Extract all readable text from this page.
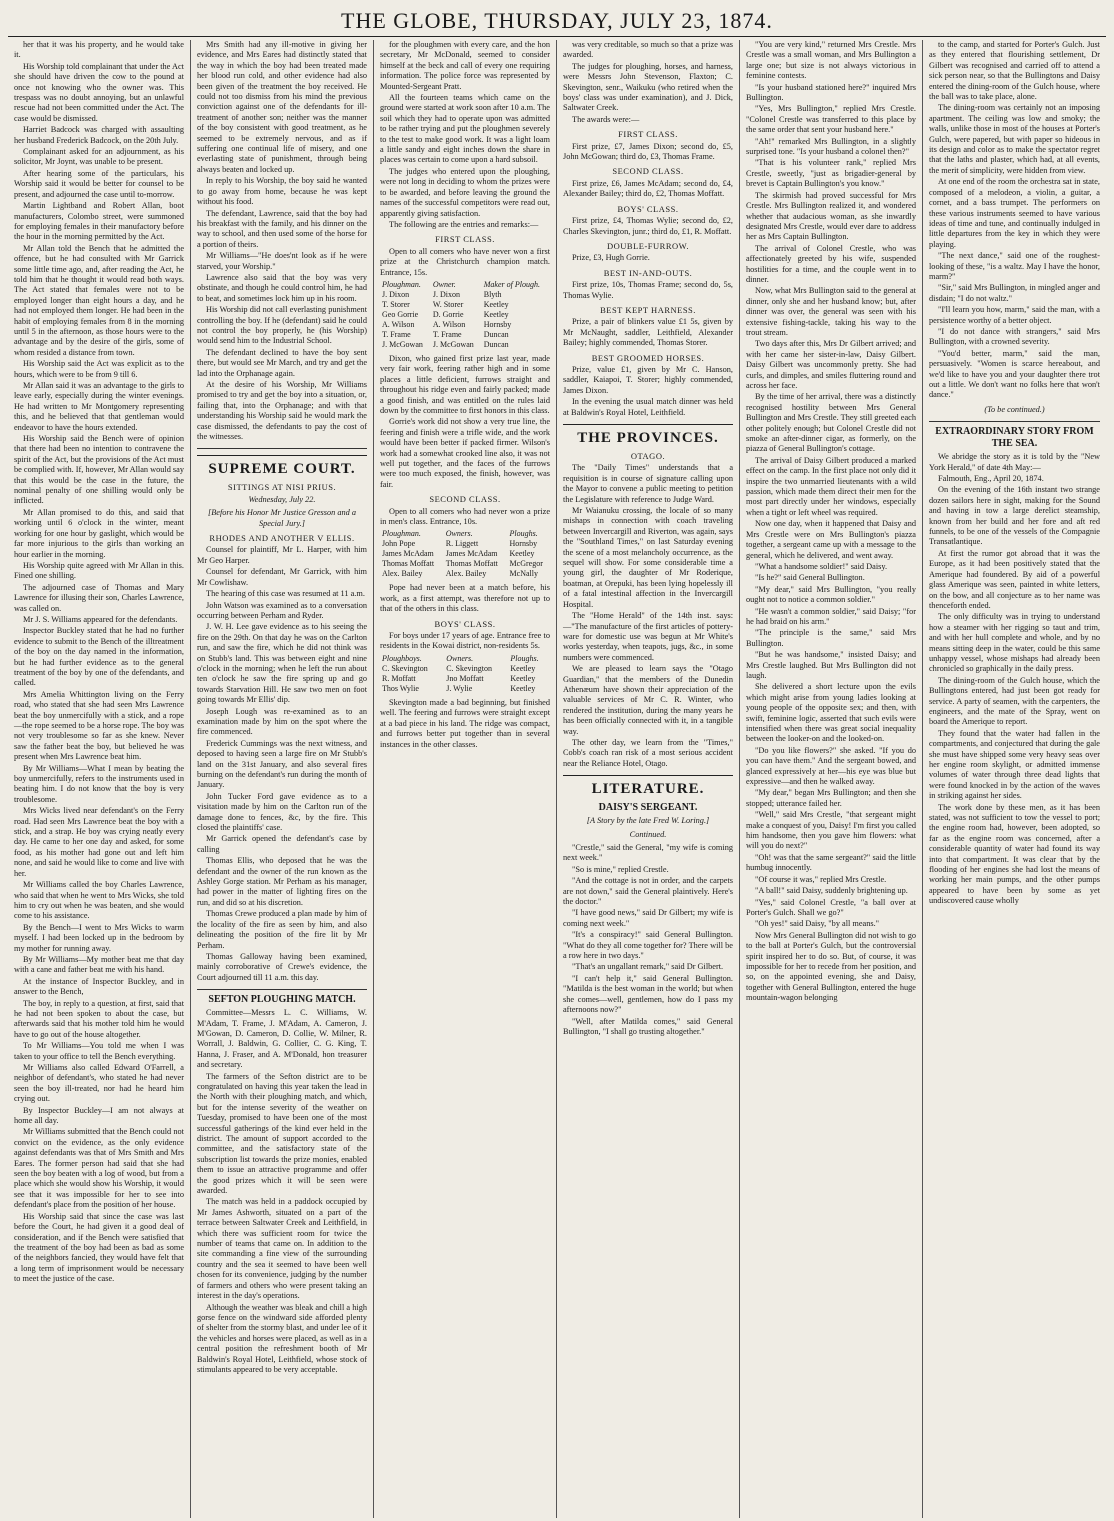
THE GLOBE, THURSDAY, JULY 23, 1874.

her that it was his property, and he would take it.

His Worship told complainant that under the Act she should have driven the cow to the pound at once not knowing who the owner was. This trespass was no doubt annoying, but an unlawful rescue had not been committed under the Act. The case would be dismissed.

Harriet Badcock was charged with assaulting her husband Frederick Badcock, on the 20th July.

Complainant asked for an adjournment, as his solicitor, Mr Joynt, was unable to be present.

After hearing some of the particulars, his Worship said it would be better for counsel to be present, and adjourned the case until to-morrow.

Martin Lightband and Robert Allan, boot manufacturers, Colombo street, were summoned for employing females in their manufactory before the hour in the morning permitted by the Act.

Mr Allan told the Bench that he admitted the offence, but he had consulted with Mr Garrick some little time ago, and, after reading the Act, he told him that he thought it would read both ways. The Act stated that females were not to be employed longer than eight hours a day, and he had not employed them longer. He had been in the habit of employing females from 8 in the morning until 5 in the afternoon, as those hours were to the advantage and by the desire of the girls, some of whom resided a distance from town.

His Worship said the Act was explicit as to the hours, which were to be from 9 till 6.

Mr Allan said it was an advantage to the girls to leave early, especially during the winter evenings. He had written to Mr Montgomery representing this, and he believed that that gentleman would endeavor to have the hours extended.

His Worship said the Bench were of opinion that there had been no intention to contravene the spirit of the Act, but the provisions of the Act must be complied with. If, however, Mr Allan would say that this would be the case in the future, the nominal penalty of one shilling would only be inflicted.

Mr Allan promised to do this, and said that working until 6 o'clock in the winter, meant working for one hour by gaslight, which would be far more injurious to the girls than working an hour earlier in the morning.

His Worship quite agreed with Mr Allan in this. Fined one shilling.

The adjourned case of Thomas and Mary Lawrence for illusing their son, Charles Lawrence, was called on.

Mr J. S. Williams appeared for the defendants.

Inspector Buckley stated that he had no further evidence to submit to the Bench of the illtreatment of the boy on the day named in the information, but he had further evidence as to the general treatment of the boy by one of the defendants, and called.

Mrs Amelia Whittington living on the Ferry road, who stated that she had seen Mrs Lawrence beat the boy unmercifully with a stick, and a rope—the rope seemed to be a horse rope. The boy was not very troublesome so far as she knew. Never saw the father beat the boy, but believed he was present when Mrs Lawrence beat him.

By Mr Williams—What I mean by beating the boy unmercifully, refers to the instruments used in beating him. I do not know that the boy is very troublesome.

Mrs Wicks lived near defendant's on the Ferry road. Had seen Mrs Lawrence beat the boy with a stick, and a strap. He boy was crying neatly every day. He came to her one day and asked, for some food, as his mother had gone out and left him none, and said he would like to come and live with her.

Mr Williams called the boy Charles Lawrence, who said that when he went to Mrs Wicks, she told him to cry out when he was beaten, and she would come to his assistance.

By the Bench—I went to Mrs Wicks to warm myself. I had been locked up in the bedroom by my mother for running away.

By Mr Williams—My mother beat me that day with a cane and father beat me with his hand.

At the instance of Inspector Buckley, and in answer to the Bench,

The boy, in reply to a question, at first, said that he had not been spoken to about the case, but afterwards said that his mother told him he would have to go out of the house altogether.

To Mr Williams—You told me when I was taken to your office to tell the Bench everything.

Mr Williams also called Edward O'Farrell, a neighbor of defendant's, who stated he had never seen the boy ill-treated, nor had he heard him crying out.

By Inspector Buckley—I am not always at home all day.

Mr Williams submitted that the Bench could not convict on the evidence, as the only evidence against defendants was that of Mrs Smith and Mrs Eares. The former person had said that she had seen the boy beaten with a log of wood, but from a place which she would show his Worship, it would see that it was impossible for her to see into defendant's place from the position of her house.

His Worship said that since the case was last before the Court, he had given it a good deal of consideration, and if the Bench were satisfied that the treatment of the boy had been as bad as some of the neighbors fancied, they would have felt that a long term of imprisonment would be necessary to meet the justice of the case.

Mrs Smith had any ill-motive in giving her evidence, and Mrs Eares had distinctly stated that the way in which the boy had been treated made her blood run cold, and other evidence had also been given of the treatment the boy received. He could not too dismiss from his mind the previous conviction against one of the defendants for ill-treatment of another son; neither was the manner of the boy consistent with good treatment, as he seemed to be extremely nervous, and as if suffering one continual life of misery, and one everlasting state of punishment, through being always beaten and locked up.

In reply to his Worship, the boy said he wanted to go away from home, because he was kept without his food.

The defendant, Lawrence, said that the boy had his breakfast with the family, and his dinner on the way to school, and then used some of the horse for a portion of theirs.

Mr Williams—"He does'nt look as if he were starved, your Worship."

Lawrence also said that the boy was very obstinate, and though he could control him, he had to beat, and sometimes lock him up in his room.

His Worship did not call everlasting punishment controlling the boy. If he (defendant) said he could not control the boy properly, he (his Worship) would send him to the Industrial School.

The defendant declined to have the boy sent there, but would see Mr March, and try and get the lad into the Orphanage again.

At the desire of his Worship, Mr Williams promised to try and get the boy into a situation, or, failing that, into the Orphanage; and with that understanding his Worship said he would mark the case dismissed, the defendants to pay the cost of the witnesses.

SUPREME COURT.
SITTINGS AT NISI PRIUS.
Wednesday, July 22.
[Before his Honor Mr Justice Gresson and a Special Jury.]
RHODES AND ANOTHER V ELLIS.

Counsel for plaintiff, Mr L. Harper, with him Mr Geo Harper.

Counsel for defendant, Mr Garrick, with him Mr Cowlishaw.

The hearing of this case was resumed at 11 a.m.

John Watson was examined as to a conversation occurring between Perham and Ryder.

J. W. H. Lee gave evidence as to his seeing the fire on the 29th. On that day he was on the Carlton run, and saw the fire, which he did not think was on Stubb's land. This was between eight and nine o'clock in the morning; when he left the run about ten o'clock he saw the fire spring up and go towards Starvation Hill. He saw two men on foot going towards Mr Ellis' dip.

Joseph Lough was re-examined as to an examination made by him on the spot where the fire commenced.

Frederick Cummings was the next witness, and deposed to having seen a large fire on Mr Stubb's land on the 31st January, and also several fires burning on the defendant's run during the month of January.

John Tucker Ford gave evidence as to a visitation made by him on the Carlton run of the damage done to fences, &c, by the fire. This closed the plaintiffs' case.

Mr Garrick opened the defendant's case by calling

Thomas Ellis, who deposed that he was the defendant and the owner of the run known as the Ashley Gorge station. Mr Perham as his manager, had power in the matter of lighting fires on the run, and did so at his discretion.

Thomas Crewe produced a plan made by him of the locality of the fire as seen by him, and also delineating the position of the fire lit by Mr Perham.

Thomas Galloway having been examined, mainly corroborative of Crewe's evidence, the Court adjourned till 11 a.m. this day.

SEFTON PLOUGHING MATCH.

Committee—Messrs L. C. Williams, W. M'Adam, T. Frame, J. M'Adam, A. Cameron, J. M'Gowan, D. Cameron, D. Collie, W. Milner, R. Worrall, J. Baldwin, G. Collier, C. G. King, T. Hanna, J. Fraser, and A. M'Donald, hon treasurer and secretary.

The farmers of the Sefton district are to be congratulated on having this year taken the lead in the North with their ploughing match, and which, but for the intense severity of the weather on Tuesday, promised to have been one of the most successful gatherings of the kind ever held in the district. The amount of support accorded to the committee, and the satisfactory state of the subscription list towards the prize monies, enabled them to issue an attractive programme and offer the good prizes which it will be seen were awarded.

The match was held in a paddock occupied by Mr James Ashworth, situated on a part of the terrace between Saltwater Creek and Leithfield, in which there was sufficient room for twice the number of teams that came on. In addition to the site commanding a fine view of the surrounding country and the sea it seemed to have been well chosen for its convenience, judging by the number of farmers and others who were present taking an interest in the day's operations.

Although the weather was bleak and chill a high gorse fence on the windward side afforded plenty of shelter from the stormy blast, and under lee of it the vehicles and horses were placed, as well as in a central position the refreshment booth of Mr Baldwin's Royal Hotel, Leithfield, whose stock of stimulants appeared to be very acceptable.

for the ploughmen with every care, and the hon secretary, Mr McDonald, seemed to consider himself at the beck and call of every one requiring information. The police force was represented by Mounted-Sergeant Pratt.

All the fourteen teams which came on the ground were started at work soon after 10 a.m. The soil which they had to operate upon was admitted to be rather trying and put the ploughmen severely to the test to make good work. It was a light loam a little sandy and eight inches down the share in places was certain to come upon a hard subsoil.

The judges who entered upon the ploughing, were not long in deciding to whom the prizes were to be awarded, and before leaving the ground the names of the successful competitors were read out, apparently giving satisfaction.

The following are the entries and remarks:—

FIRST CLASS.

Open to all comers who have never won a first prize at the Christchurch champion match. Entrance, 15s.

Ploughman.	Owner.	Maker of Plough.
J. Dixon	J. Dixon	Blyth
T. Storer	W. Storer	Keetley
Geo Gorrie	D. Gorrie	Keetley
A. Wilson	A. Wilson	Hornsby
T. Frame	T. Frame	Duncan
J. McGowan	J. McGowan	Duncan

Dixon, who gained first prize last year, made very fair work, feering rather high and in some places a little deficient, furrows straight and throughout his ridge even and fairly packed; made a good finish, and was entitled on the rules laid down by the committee to first honors in this class.

Gorrie's work did not show a very true line, the feering and finish were a trifle wide, and the work would have been better if packed firmer. Wilson's work had a somewhat crooked line also, it was not well put together, and the faces of the furrows were too much exposed, the finish, however, was fair.

SECOND CLASS.

Open to all comers who had never won a prize in men's class. Entrance, 10s.

Ploughman.	Owners.	Ploughs.
John Pope	R. Liggett	Hornsby
James McAdam	James McAdam	Keetley
Thomas Moffatt	Thomas Moffatt	McGregor
Alex. Bailey	Alex. Bailey	McNally

Pope had never been at a match before, his work, as a first attempt, was therefore not up to that of the others in this class.

BOYS' CLASS.

For boys under 17 years of age. Entrance free to residents in the Kowai district, non-residents 5s.

Ploughboys.	Owners.	Ploughs.
C. Skevington	C. Skevington	Keetley
R. Moffatt	Jno Moffatt	Keetley
Thos Wylie	J. Wylie	Keetley

Skevington made a bad beginning, but finished well. The feering and furrows were straight except at a bad piece in his land. The ridge was compact, and furrows better put together than in several instances in the other classes.

was very creditable, so much so that a prize was awarded.

The judges for ploughing, horses, and harness, were Messrs John Stevenson, Flaxton; C. Skevington, senr., Waikuku (who retired when the boys' class was under examination), and J. Dick, Saltwater Creek.

The awards were:—

FIRST CLASS.

First prize, £7, James Dixon; second do, £5, John McGowan; third do, £3, Thomas Frame.

SECOND CLASS.

First prize, £6, James McAdam; second do, £4, Alexander Bailey; third do, £2, Thomas Moffatt.

BOYS' CLASS.

First prize, £4, Thomas Wylie; second do, £2, Charles Skevington, junr.; third do, £1, R. Moffatt.

DOUBLE-FURROW.

Prize, £3, Hugh Gorrie.

BEST IN-AND-OUTS.

First prize, 10s, Thomas Frame; second do, 5s, Thomas Wylie.

BEST KEPT HARNESS.

Prize, a pair of blinkers value £1 5s, given by Mr McNaught, saddler, Leithfield, Alexander Bailey; highly commended, Thomas Storer.

BEST GROOMED HORSES.

Prize, value £1, given by Mr C. Hanson, saddler, Kaiapoi, T. Storer; highly commended, James Dixon.

In the evening the usual match dinner was held at Baldwin's Royal Hotel, Leithfield.

THE PROVINCES.
OTAGO.

The "Daily Times" understands that a requisition is in course of signature calling upon the Mayor to convene a public meeting to petition the Legislature with reference to Judge Ward.

Mr Waianuku crossing, the locale of so many mishaps in connection with coach traveling between Invercargill and Riverton, was again, says the "Southland Times," on last Saturday evening the scene of a most melancholy occurrence, as the sequel will show. For some considerable time a young girl, the daughter of Mr Roderique, boatman, at Orepuki, has been lying hopelessly ill of a fatal intestinal affection in the Invercargill Hospital.

The "Home Herald" of the 14th inst. says:—"The manufacture of the first articles of pottery-ware for domestic use was begun at Mr White's works yesterday, when teapots, jugs, &c., in some numbers were commenced.

We are pleased to learn says the "Otago Guardian," that the members of the Dunedin Athenæum have shown their appreciation of the valuable services of Mr C. R. Winter, who rendered the institution, during the many years he has been officially connected with it, in a tangible way.

The other day, we learn from the "Times," Cobb's coach ran risk of a most serious accident near the Reliance Hotel, Otago.

LITERATURE.
DAISY'S SERGEANT.
[A Story by the late Fred W. Loring.]
Continued.

"Crestle," said the General, "my wife is coming next week."

"So is mine," replied Crestle.

"And the cottage is not in order, and the carpets are not down," said the General plaintively. Here's the doctor."

"I have good news," said Dr Gilbert; my wife is coming next week."

"It's a conspiracy!" said General Bullington. "What do they all come together for? There will be a row here in two days."

"That's an ungallant remark," said Dr Gilbert.

"I can't help it," said General Bullington. "Matilda is the best woman in the world; but when she comes—well, gentlemen, how do I pass my afternoons now?"

"Well, after Matilda comes," said General Bullington, "I shall go trusting altogether."

"You are very kind," returned Mrs Crestle. Mrs Crestle was a small woman, and Mrs Bullington a large one; but size is not always victorious in feminine contests.

"Is your husband stationed here?" inquired Mrs Bullington.

"Yes, Mrs Bullington," replied Mrs Crestle. "Colonel Crestle was transferred to this place by the same order that sent your husband here."

"Ah!" remarked Mrs Bullington, in a slightly surprised tone. "Is your husband a colonel then?"

"That is his volunteer rank," replied Mrs Crestle, sweetly, "just as brigadier-general by brevet is Captain Bullington's you know."

The skirmish had proved successful for Mrs Crestle. Mrs Bullington realized it, and wondered whether that audacious woman, as she inwardly designated Mrs Crestle, would ever dare to address her as Mrs Captain Bullington.

The arrival of Colonel Crestle, who was affectionately greeted by his wife, suspended hostilities for a time, and the couple went in to dinner.

Now, what Mrs Bullington said to the general at dinner, only she and her husband know; but, after dinner was over, the general was seen with his extensive fishing-tackle, taking his way to the trout stream.

Two days after this, Mrs Dr Gilbert arrived; and with her came her sister-in-law, Daisy Gilbert. Daisy Gilbert was uncommonly pretty. She had curls, and dimples, and smiles fluttering round and across her face.

By the time of her arrival, there was a distinctly recognised hostility between Mrs General Bullington and Mrs Crestle. They still greeted each other politely enough; but Colonel Crestle did not smoke an after-dinner cigar, as formerly, on the piazza of General Bullington's cottage.

The arrival of Daisy Gilbert produced a marked effect on the camp. In the first place not only did it inspire the two unmarried lieutenants with a wild passion, which made them direct their men for the most part directly under her windows, especially when a tight or left wheel was required.

Now one day, when it happened that Daisy and Mrs Crestle were on Mrs Bullington's piazza together, a sergeant came up with a message to the general, which he delivered, and went away.

"What a handsome soldier!" said Daisy.

"Is he?" said General Bullington.

"My dear," said Mrs Bullington, "you really ought not to notice a common soldier."

"He wasn't a common soldier," said Daisy; "for he had braid on his arm."

"The principle is the same," said Mrs Bullington.

"But he was handsome," insisted Daisy; and Mrs Crestle laughed. But Mrs Bullington did not laugh.

She delivered a short lecture upon the evils which might arise from young ladies looking at young people of the opposite sex; and then, with swift, feminine logic, asserted that such evils were intensified when there was great social inequality between the looker-on and the looked-on.

"Do you like flowers?" she asked. "If you do you can have them." And the sergeant bowed, and glanced expressively at her—his eye was blue but expressive—and then he walked away.

"My dear," began Mrs Bullington; and then she stopped; utterance failed her.

"Well," said Mrs Crestle, "that sergeant might make a conquest of you, Daisy! I'm first you called him handsome, then you gave him flowers: what will you do next?"

"Oh! was that the same sergeant?" said the little humbug innocently.

"Of course it was," replied Mrs Crestle.

"A ball!" said Daisy, suddenly brightening up.

"Yes," said Colonel Crestle, "a ball over at Porter's Gulch. Shall we go?"

"Oh yes!" said Daisy, "by all means."

Now Mrs General Bullington did not wish to go to the ball at Porter's Gulch, but the controversial spirit inspired her to do so. But, of course, it was impossible for her to recede from her position, and so, on the appointed evening, she and Daisy, together with General Bullington, entered the huge mountain-wagon belonging

to the camp, and started for Porter's Gulch. Just as they entered that flourishing settlement, Dr Gilbert was recognised and carried off to attend a sick person near, so that the Bullingtons and Daisy entered the dining-room of the Gulch house, where the ball was to take place, alone.

The dining-room was certainly not an imposing apartment. The ceiling was low and smoky; the walls, unlike those in most of the houses at Porter's Gulch, were papered, but with paper so hideous in its design and color as to make the spectator regret that the laths and plaster, which had, at all events, the merit of simplicity, were hidden from view.

At one end of the room the orchestra sat in state, composed of a melodeon, a violin, a guitar, a cornet, and a bass trumpet. The performers on these various instruments seemed to have various ideas of time and tune, and continually indulged in little departures from the key in which they were playing.

"The next dance," said one of the roughest-looking of these, "is a waltz. May I have the honor, marm?"

"Sir," said Mrs Bullington, in mingled anger and disdain; "I do not waltz."

"I'll learn you how, marm," said the man, with a persistence worthy of a better object.

"I do not dance with strangers," said Mrs Bullington, with a crowned severity.

"You'd better, marm," said the man, persuasively. "Women is scarce hereabout, and we'd like to have you and your daughter there trot out a little. We don't want no folks here that won't dance."

(To be continued.)
EXTRAORDINARY STORY FROM THE SEA.

We abridge the story as it is told by the "New York Herald," of date 4th May:—

Falmouth, Eng., April 20, 1874.

On the evening of the 16th instant two strange dozen sailors here in sight, making for the Sound and having in tow a large derelict steamship, known from her build and her fore and aft red funnels, to be one of the vessels of the Compagnie Transatlantique.

At first the rumor got abroad that it was the Europe, as it had been positively stated that the Amerique had foundered. By aid of a powerful glass Amerique was seen, painted in white letters, on the bow, and all conjecture as to her name was thenceforth ended.

The only difficulty was in trying to understand how a steamer with her rigging so taut and trim, and with her hull complete and whole, and by no means sitting deep in the water, could be this same unhappy vessel, whose mishaps had already been chronicled so graphically in the daily press.

The dining-room of the Gulch house, which the Bullingtons entered, had just been got ready for service. A party of seamen, with the carpenters, the engineers, and the mate of the Spray, went on board the Amerique to report.

They found that the water had fallen in the compartments, and conjectured that during the gale she must have shipped some very heavy seas over her engine room skylight, or admitted immense volumes of water through three dead lights that were found knocked in by the action of the waves in striking against her sides.

The work done by these men, as it has been stated, was not sufficient to tow the vessel to port; the engine room had, however, been adopted, so far as the engine room was concerned, after a considerable quantity of water had found its way into that compartment. It was clear that by the flooding of her engines she had lost the means of working her main pumps, and the other pumps appeared to have been by some as yet undiscovered cause wholly
